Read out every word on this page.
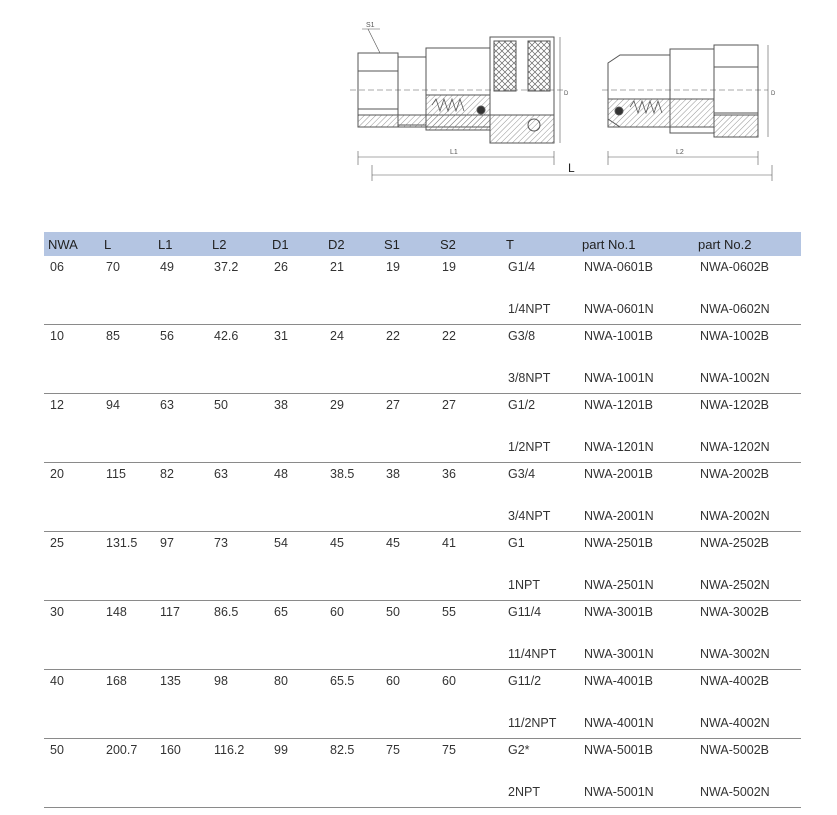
S1
L1	L2
L
D	D
NWA	L	L1	L2	D1	D2	S1	S2	T	part No.1	part No.2
06	70	49	37.2	26	21	19	19	G1/4	NWA-0601B	NWA-0602B
								1/4NPT	NWA-0601N	NWA-0602N
10	85	56	42.6	31	24	22	22	G3/8	NWA-1001B	NWA-1002B
								3/8NPT	NWA-1001N	NWA-1002N
12	94	63	50	38	29	27	27	G1/2	NWA-1201B	NWA-1202B
								1/2NPT	NWA-1201N	NWA-1202N
20	115	82	63	48	38.5	38	36	G3/4	NWA-2001B	NWA-2002B
								3/4NPT	NWA-2001N	NWA-2002N
25	131.5	97	73	54	45	45	41	G1	NWA-2501B	NWA-2502B
								1NPT	NWA-2501N	NWA-2502N
30	148	117	86.5	65	60	50	55	G11/4	NWA-3001B	NWA-3002B
								11/4NPT	NWA-3001N	NWA-3002N
40	168	135	98	80	65.5	60	60	G11/2	NWA-4001B	NWA-4002B
								11/2NPT	NWA-4001N	NWA-4002N
50	200.7	160	116.2	99	82.5	75	75	G2*	NWA-5001B	NWA-5002B
								2NPT	NWA-5001N	NWA-5002N
